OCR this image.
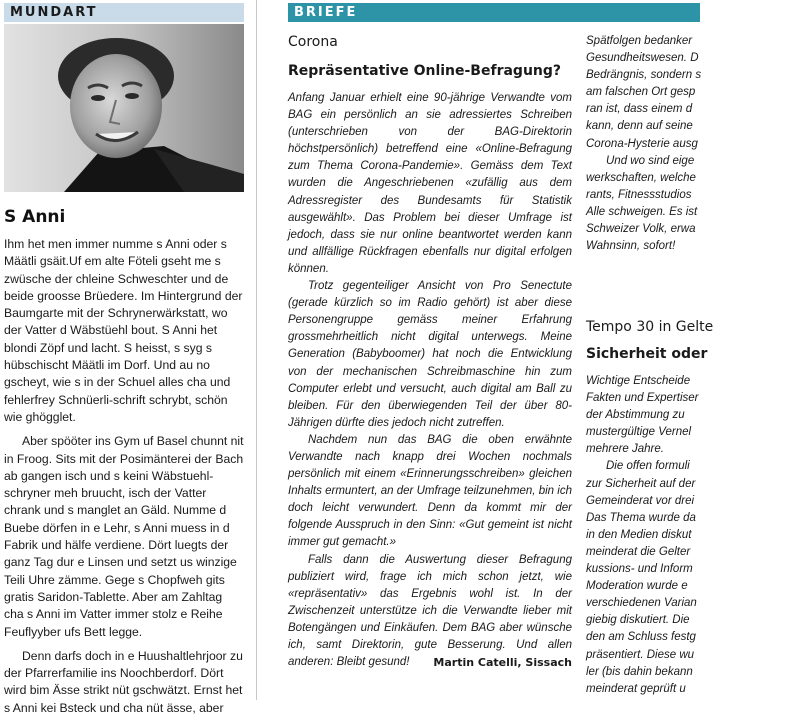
MUNDART
S Anni

Ihm het men immer numme s Anni oder s Määtli gsäit.Uf em alte Föteli gseht me s zwüsche der chleine Schweschter und de beide groosse Brüedere. Im Hintergrund der Baumgarte mit der Schrynerwärkstatt, wo der Vatter d Wäbstüehl bout. S Anni het blondi Zöpf und lacht. S heisst, s syg s hübschischt Määtli im Dorf. Und au no gscheyt, wie s in der Schuel alles cha und fehlerfrey Schnüerli-schrift schrybt, schön wie ghögglet.

Aber spööter ins Gym uf Basel chunnt nit in Froog. Sits mit der Posimänterei der Bach ab gangen isch und s keini Wäbstuehl-schryner meh bruucht, isch der Vatter chrank und s manglet an Gäld. Numme d Buebe dörfen in e Lehr, s Anni muess in d Fabrik und hälfe verdiene. Dört luegts der ganz Tag dur e Linsen und setzt us winzige Teili Uhre zämme. Gege s Chopfweh gits gratis Saridon-Tablette. Aber am Zahltag cha s Anni im Vatter immer stolz e Reihe Feuflyyber ufs Bett legge.

Denn darfs doch in e Huushaltlehrjoor zu der Pfarrerfamilie ins Noochberdorf. Dört wird bim Ässe strikt nüt gschwätzt. Ernst het s Anni kei Bsteck und cha nüt ässe, aber

BRIEFE
Corona
Repräsentative Online-Befragung?

Anfang Januar erhielt eine 90-jährige Verwandte vom BAG ein persönlich an sie adressiertes Schreiben (unterschrieben von der BAG-Direktorin höchstpersönlich) betreffend eine «Online-Befragung zum Thema Corona-Pandemie». Gemäss dem Text wurden die Angeschriebenen «zufällig aus dem Adressregister des Bundesamts für Statistik ausgewählt». Das Problem bei dieser Umfrage ist jedoch, dass sie nur online beantwortet werden kann und allfällige Rückfragen ebenfalls nur digital erfolgen können.

Trotz gegenteiliger Ansicht von Pro Senectute (gerade kürzlich so im Radio gehört) ist aber diese Personengruppe gemäss meiner Erfahrung grossmehrheitlich nicht digital unterwegs. Meine Generation (Babyboomer) hat noch die Entwicklung von der mechanischen Schreibmaschine hin zum Computer erlebt und versucht, auch digital am Ball zu bleiben. Für den überwiegenden Teil der über 80-Jährigen dürfte dies jedoch nicht zutreffen.

Nachdem nun das BAG die oben erwähnte Verwandte nach knapp drei Wochen nochmals persönlich mit einem «Erinnerungsschreiben» gleichen Inhalts ermuntert, an der Umfrage teilzunehmen, bin ich doch leicht verwundert. Denn da kommt mir der folgende Ausspruch in den Sinn: «Gut gemeint ist nicht immer gut gemacht.»

Falls dann die Auswertung dieser Befragung publiziert wird, frage ich mich schon jetzt, wie «repräsentativ» das Ergebnis wohl ist. In der Zwischenzeit unterstütze ich die Verwandte lieber mit Botengängen und Einkäufen. Dem BAG aber wünsche ich, samt Direktorin, gute Besserung. Und allen anderen: Bleibt gesund!	Martin Catelli, Sissach
Spätfolgen bedanker
Gesundheitswesen. D
Bedrängnis, sondern s
am falschen Ort gesp
ran ist, dass einem d
kann, denn auf seine
Corona-Hysterie ausg
Und wo sind eige
werkschaften, welche
rants, Fitnessstudios
Alle schweigen. Es ist
Schweizer Volk, erwa
Wahnsinn, sofort!
Tempo 30 in Gelte
Sicherheit oder
Wichtige Entscheide
Fakten und Expertiser
der Abstimmung zu
mustergültige Vernel
mehrere Jahre.
Die offen formuli
zur Sicherheit auf der
Gemeinderat vor drei
Das Thema wurde da
in den Medien diskut
meinderat die Gelter
kussions- und Inform
Moderation wurde e
verschiedenen Varian
giebig diskutiert. Die
den am Schluss festg
präsentiert. Diese wu
ler (bis dahin bekann
meinderat geprüft u
